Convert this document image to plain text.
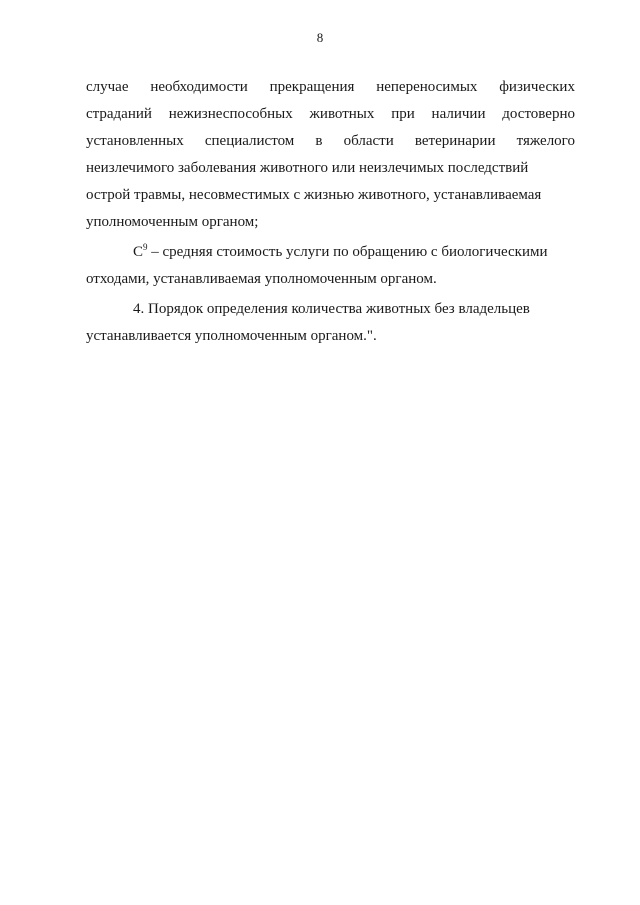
8

случае необходимости прекращения непереносимых физических
страданий нежизнеспособных животных при наличии достоверно
установленных специалистом в области ветеринарии тяжелого
неизлечимого заболевания животного или неизлечимых последствий
острой травмы, несовместимых с жизнью животного, устанавливаемая
уполномоченным органом;

$C^9$ – средняя стоимость услуги по обращению с биологическими
отходами, устанавливаемая уполномоченным органом.

4. Порядок определения количества животных без владельцев
устанавливается уполномоченным органом.".
